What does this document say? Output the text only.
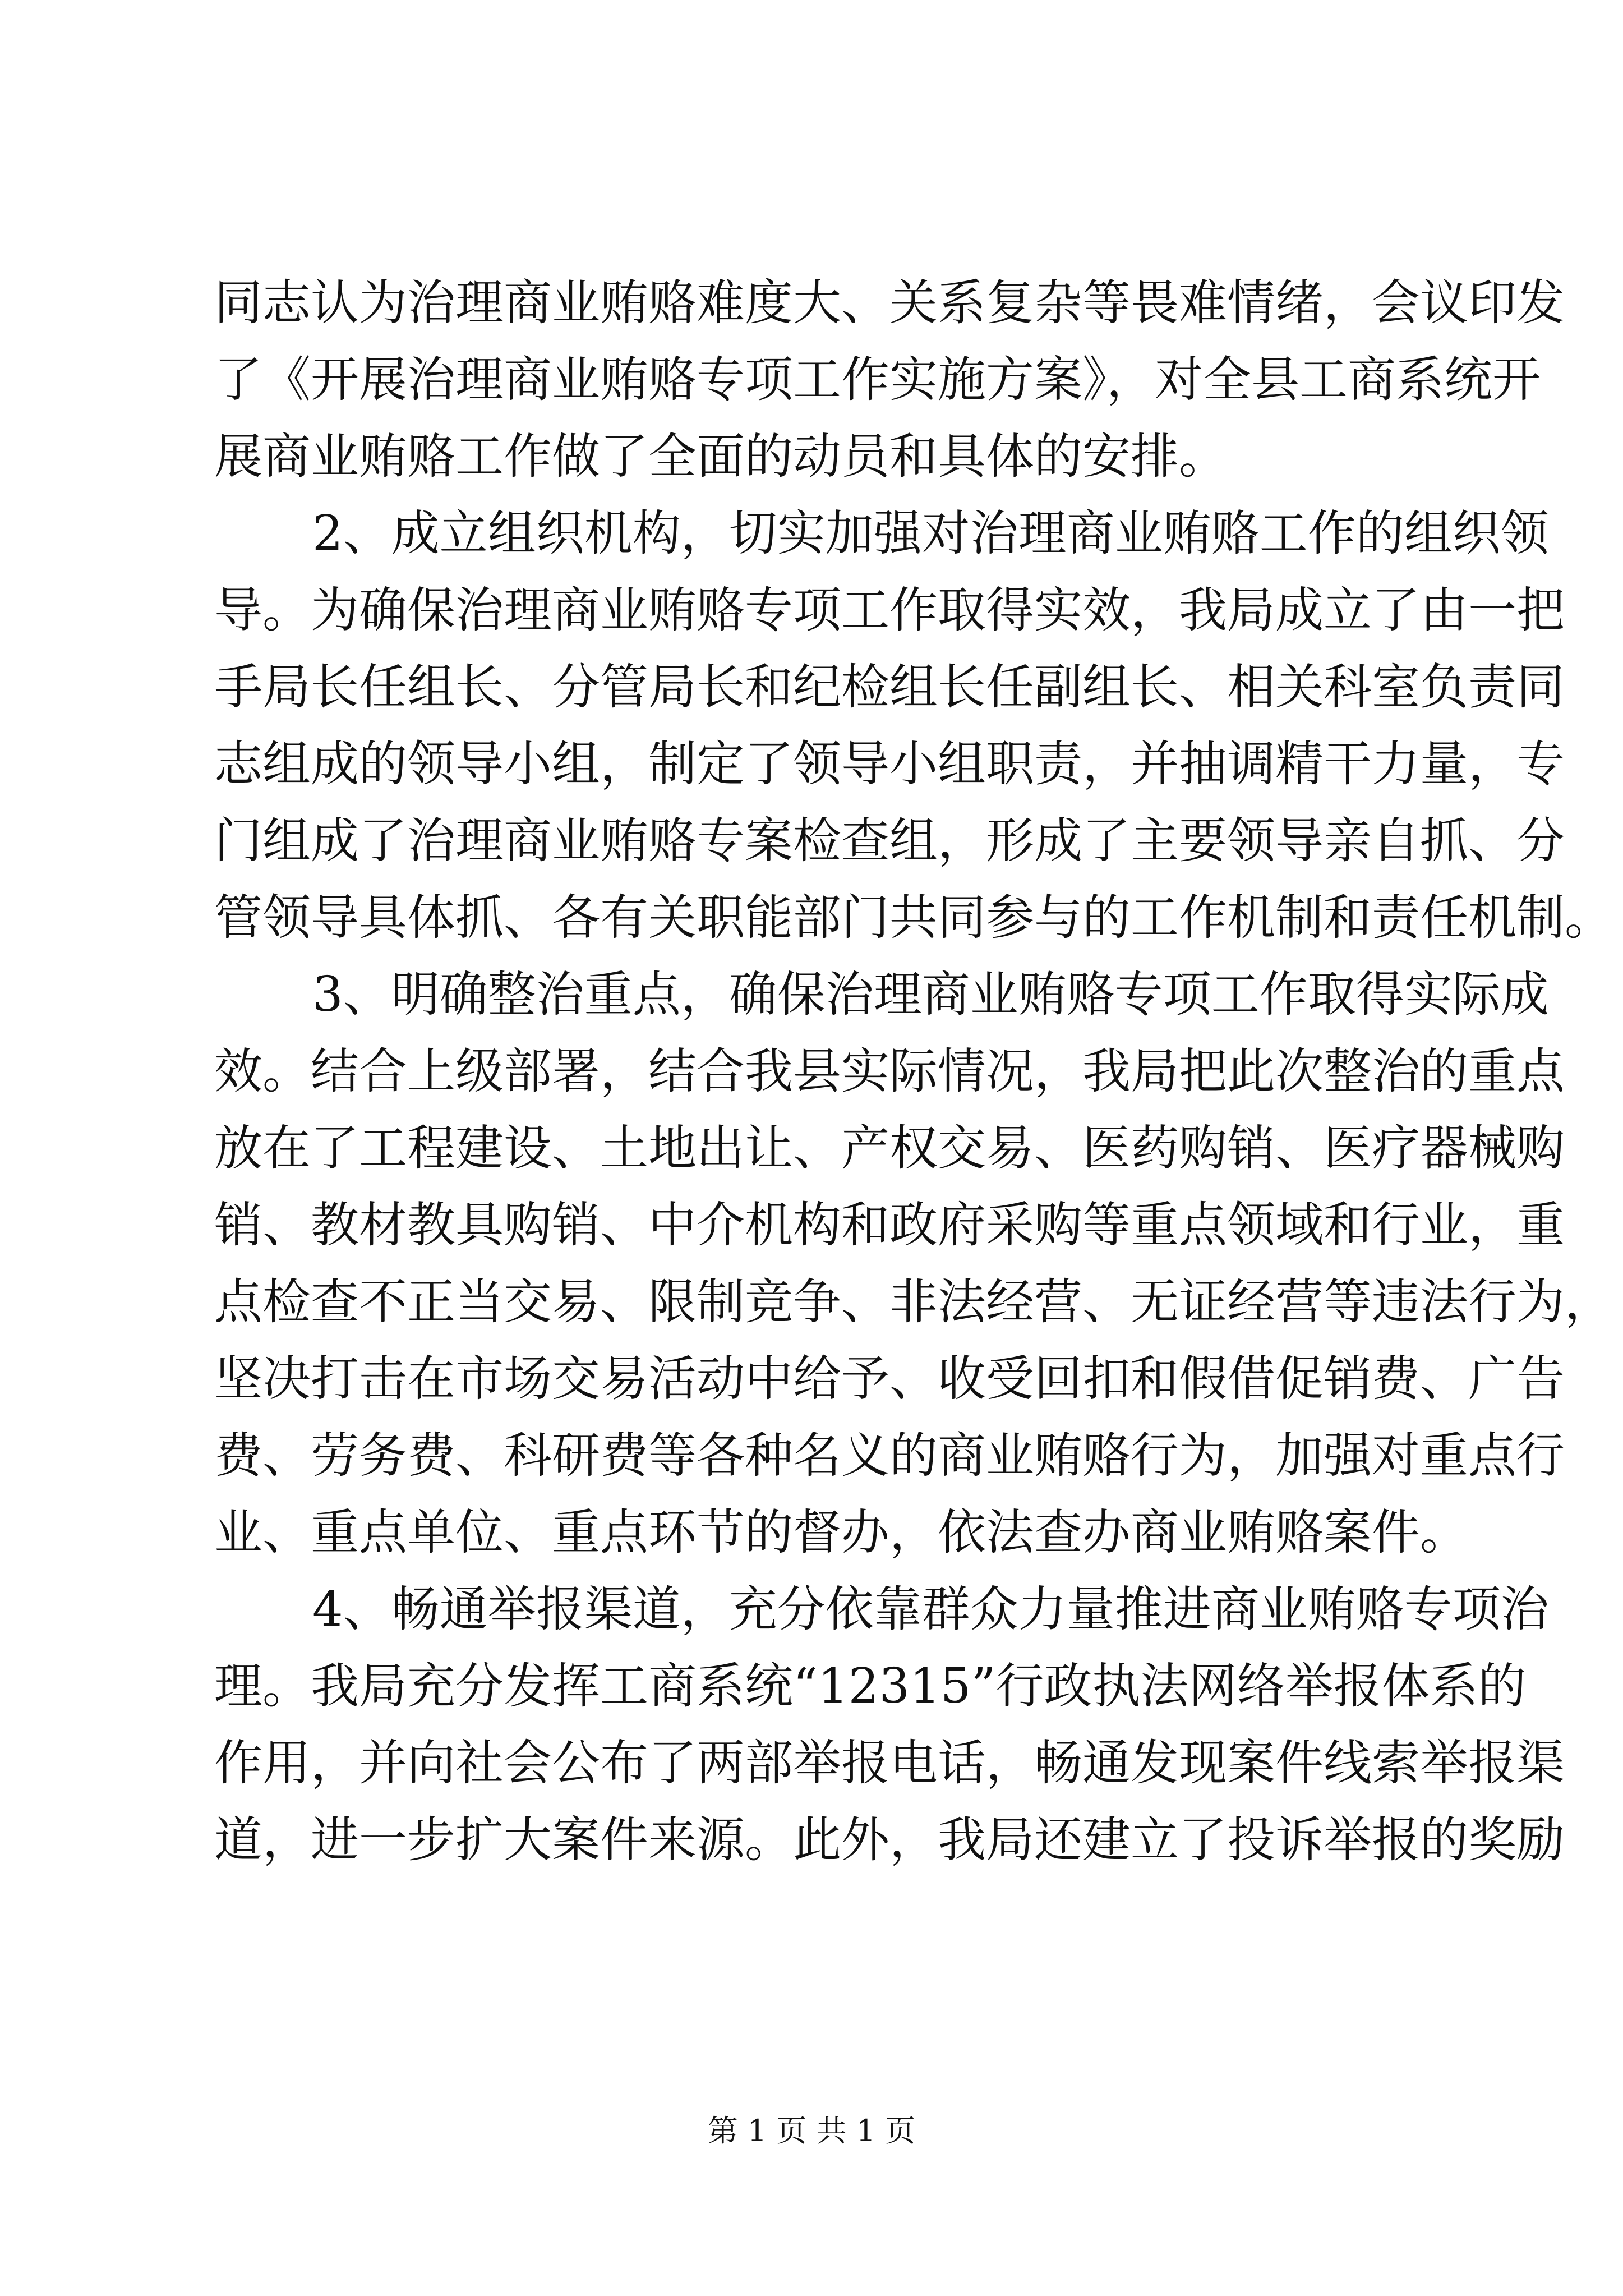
同志认为治理商业贿赂难度大、关系复杂等畏难情绪，会议印发
了《开展治理商业贿赂专项工作实施方案》，对全县工商系统开
展商业贿赂工作做了全面的动员和具体的安排。
2、成立组织机构，切实加强对治理商业贿赂工作的组织领
导。为确保治理商业贿赂专项工作取得实效，我局成立了由一把
手局长任组长、分管局长和纪检组长任副组长、相关科室负责同
志组成的领导小组，制定了领导小组职责，并抽调精干力量，专
门组成了治理商业贿赂专案检查组，形成了主要领导亲自抓、分
管领导具体抓、各有关职能部门共同参与的工作机制和责任机制。
3、明确整治重点，确保治理商业贿赂专项工作取得实际成
效。结合上级部署，结合我县实际情况，我局把此次整治的重点
放在了工程建设、土地出让、产权交易、医药购销、医疗器械购
销、教材教具购销、中介机构和政府采购等重点领域和行业，重
点检查不正当交易、限制竞争、非法经营、无证经营等违法行为，
坚决打击在市场交易活动中给予、收受回扣和假借促销费、广告
费、劳务费、科研费等各种名义的商业贿赂行为，加强对重点行
业、重点单位、重点环节的督办，依法查办商业贿赂案件。
4、畅通举报渠道，充分依靠群众力量推进商业贿赂专项治
理。我局充分发挥工商系统“12315”行政执法网络举报体系的
作用，并向社会公布了两部举报电话，畅通发现案件线索举报渠
道，进一步扩大案件来源。此外，我局还建立了投诉举报的奖励
第 1 页 共 1 页
